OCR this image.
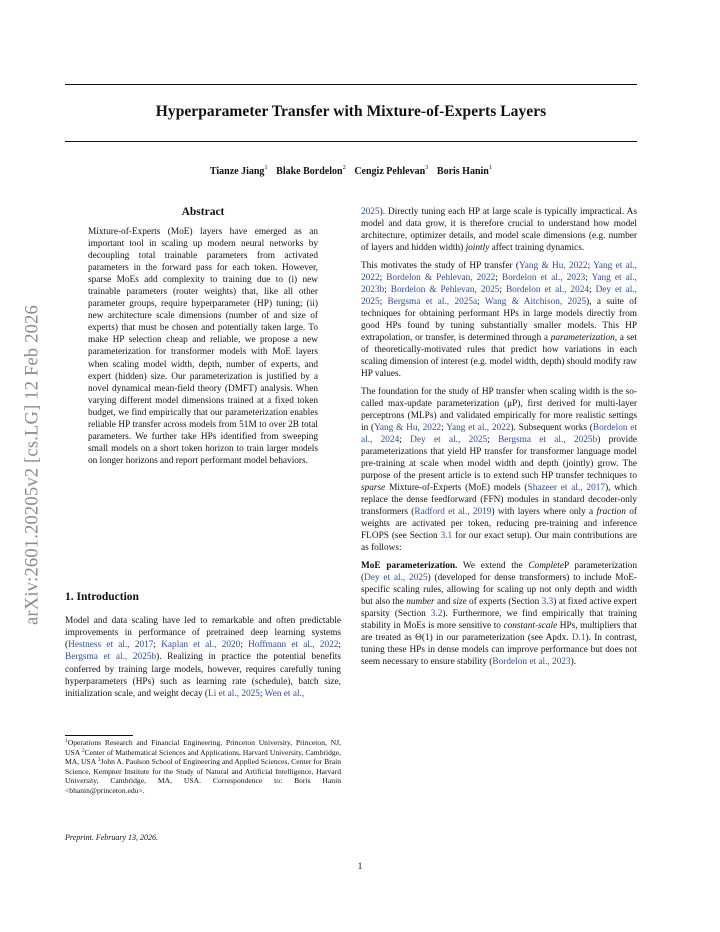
arXiv:2601.20205v2 [cs.LG] 12 Feb 2026
Hyperparameter Transfer with Mixture-of-Experts Layers
Tianze Jiang$^1$ Blake Bordelon$^2$ Cengiz Pehlevan$^3$ Boris Hanin$^1$
Abstract
Mixture-of-Experts (MoE) layers have emerged as an important tool in scaling up modern neural networks by decoupling total trainable parameters from activated parameters in the forward pass for each token. However, sparse MoEs add complexity to training due to (i) new trainable parameters (router weights) that, like all other parameter groups, require hyperparameter (HP) tuning; (ii) new architecture scale dimensions (number of and size of experts) that must be chosen and potentially taken large. To make HP selection cheap and reliable, we propose a new parameterization for transformer models with MoE layers when scaling model width, depth, number of experts, and expert (hidden) size. Our parameterization is justified by a novel dynamical mean-field theory (DMFT) analysis. When varying different model dimensions trained at a fixed token budget, we find empirically that our parameterization enables reliable HP transfer across models from 51M to over 2B total parameters. We further take HPs identified from sweeping small models on a short token horizon to train larger models on longer horizons and report performant model behaviors.
1. Introduction
Model and data scaling have led to remarkable and often predictable improvements in performance of pretrained deep learning systems (Hestness et al., 2017; Kaplan et al., 2020; Hoffmann et al., 2022; Bergsma et al., 2025b). Realizing in practice the potential benefits conferred by training large models, however, requires carefully tuning hyperparameters (HPs) such as learning rate (schedule), batch size, initialization scale, and weight decay (Li et al., 2025; Wen et al.,
$^1$Operations Research and Financial Engineering, Princeton University, Princeton, NJ, USA $^2$Center of Mathematical Sciences and Applications, Harvard University, Cambridge, MA, USA $^3$John A. Paulson School of Engineering and Applied Sciences, Center for Brain Science, Kempner Institute for the Study of Natural and Artificial Intelligence, Harvard University, Cambridge, MA, USA. Correspondence to: Boris Hanin <bhanin@princeton.edu>.
Preprint. February 13, 2026.

2025). Directly tuning each HP at large scale is typically impractical. As model and data grow, it is therefore crucial to understand how model architecture, optimizer details, and model scale dimensions (e.g. number of layers and hidden width) jointly affect training dynamics.

This motivates the study of HP transfer (Yang & Hu, 2022; Yang et al., 2022; Bordelon & Pehlevan, 2022; Bordelon et al., 2023; Yang et al., 2023b; Bordelon & Pehlevan, 2025; Bordelon et al., 2024; Dey et al., 2025; Bergsma et al., 2025a; Wang & Aitchison, 2025), a suite of techniques for obtaining performant HPs in large models directly from good HPs found by tuning substantially smaller models. This HP extrapolation, or transfer, is determined through a parameterization, a set of theoretically-motivated rules that predict how variations in each scaling dimension of interest (e.g. model width, depth) should modify raw HP values.

The foundation for the study of HP transfer when scaling width is the so-called max-update parameterization (μP), first derived for multi-layer perceptrons (MLPs) and validated empirically for more realistic settings in (Yang & Hu, 2022; Yang et al., 2022). Subsequent works (Bordelon et al., 2024; Dey et al., 2025; Bergsma et al., 2025b) provide parameterizations that yield HP transfer for transformer language model pre-training at scale when model width and depth (jointly) grow. The purpose of the present article is to extend such HP transfer techniques to sparse Mixture-of-Experts (MoE) models (Shazeer et al., 2017), which replace the dense feedforward (FFN) modules in standard decoder-only transformers (Radford et al., 2019) with layers where only a fraction of weights are activated per token, reducing pre-training and inference FLOPS (see Section 3.1 for our exact setup). Our main contributions are as follows:

MoE parameterization. We extend the CompleteP parameterization (Dey et al., 2025) (developed for dense transformers) to include MoE-specific scaling rules, allowing for scaling up not only depth and width but also the number and size of experts (Section 3.3) at fixed active expert sparsity (Section 3.2). Furthermore, we find empirically that training stability in MoEs is more sensitive to constant-scale HPs, multipliers that are treated as Θ(1) in our parameterization (see Apdx. D.1). In contrast, tuning these HPs in dense models can improve performance but does not seem necessary to ensure stability (Bordelon et al., 2023).

1
